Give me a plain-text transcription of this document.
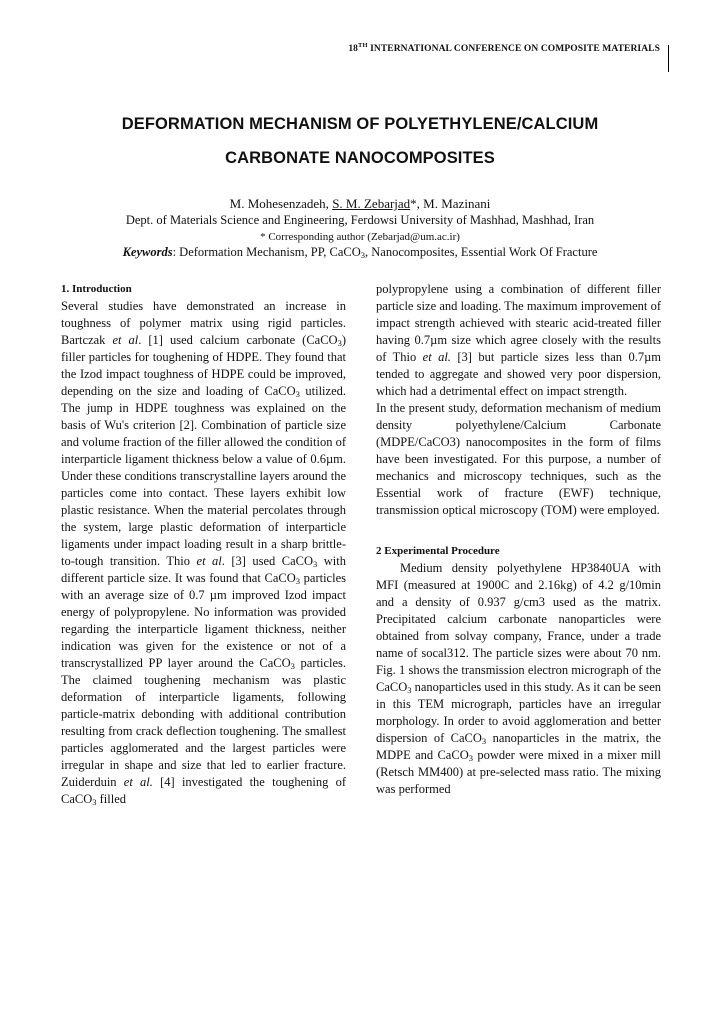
18TH INTERNATIONAL CONFERENCE ON COMPOSITE MATERIALS
DEFORMATION MECHANISM OF POLYETHYLENE/CALCIUM
CARBONATE NANOCOMPOSITES
M. Mohesenzadeh, S. M. Zebarjad*, M. Mazinani
Dept. of Materials Science and Engineering, Ferdowsi University of Mashhad, Mashhad, Iran
* Corresponding author (Zebarjad@um.ac.ir)
Keywords: Deformation Mechanism, PP, CaCO$_3$, Nanocomposites, Essential Work Of Fracture

1. Introduction

Several studies have demonstrated an increase in toughness of polymer matrix using rigid particles. Bartczak et al. [1] used calcium carbonate (CaCO$_3$) filler particles for toughening of HDPE. They found that the Izod impact toughness of HDPE could be improved, depending on the size and loading of CaCO$_3$ utilized. The jump in HDPE toughness was explained on the basis of Wu's criterion [2]. Combination of particle size and volume fraction of the filler allowed the condition of interparticle ligament thickness below a value of 0.6µm. Under these conditions transcrystalline layers around the particles come into contact. These layers exhibit low plastic resistance. When the material percolates through the system, large plastic deformation of interparticle ligaments under impact loading result in a sharp brittle-to-tough transition. Thio et al. [3] used CaCO$_3$ with different particle size. It was found that CaCO$_3$ particles with an average size of 0.7 µm improved Izod impact energy of polypropylene. No information was provided regarding the interparticle ligament thickness, neither indication was given for the existence or not of a transcrystallized PP layer around the CaCO$_3$ particles. The claimed toughening mechanism was plastic deformation of interparticle ligaments, following particle-matrix debonding with additional contribution resulting from crack deflection toughening. The smallest particles agglomerated and the largest particles were irregular in shape and size that led to earlier fracture. Zuiderduin et al. [4] investigated the toughening of CaCO$_3$ filled

polypropylene using a combination of different filler particle size and loading. The maximum improvement of impact strength achieved with stearic acid-treated filler having 0.7µm size which agree closely with the results of Thio et al. [3] but particle sizes less than 0.7µm tended to aggregate and showed very poor dispersion, which had a detrimental effect on impact strength.

In the present study, deformation mechanism of medium density polyethylene/Calcium Carbonate (MDPE/CaCO3) nanocomposites in the form of films have been investigated. For this purpose, a number of mechanics and microscopy techniques, such as the Essential work of fracture (EWF) technique, transmission optical microscopy (TOM) were employed.

2 Experimental Procedure

Medium density polyethylene HP3840UA with MFI (measured at 1900C and 2.16kg) of 4.2 g/10min and a density of 0.937 g/cm3 used as the matrix. Precipitated calcium carbonate nanoparticles were obtained from solvay company, France, under a trade name of socal312. The particle sizes were about 70 nm. Fig. 1 shows the transmission electron micrograph of the CaCO$_3$ nanoparticles used in this study. As it can be seen in this TEM micrograph, particles have an irregular morphology. In order to avoid agglomeration and better dispersion of CaCO$_3$ nanoparticles in the matrix, the MDPE and CaCO$_3$ powder were mixed in a mixer mill (Retsch MM400) at pre-selected mass ratio. The mixing was performed
